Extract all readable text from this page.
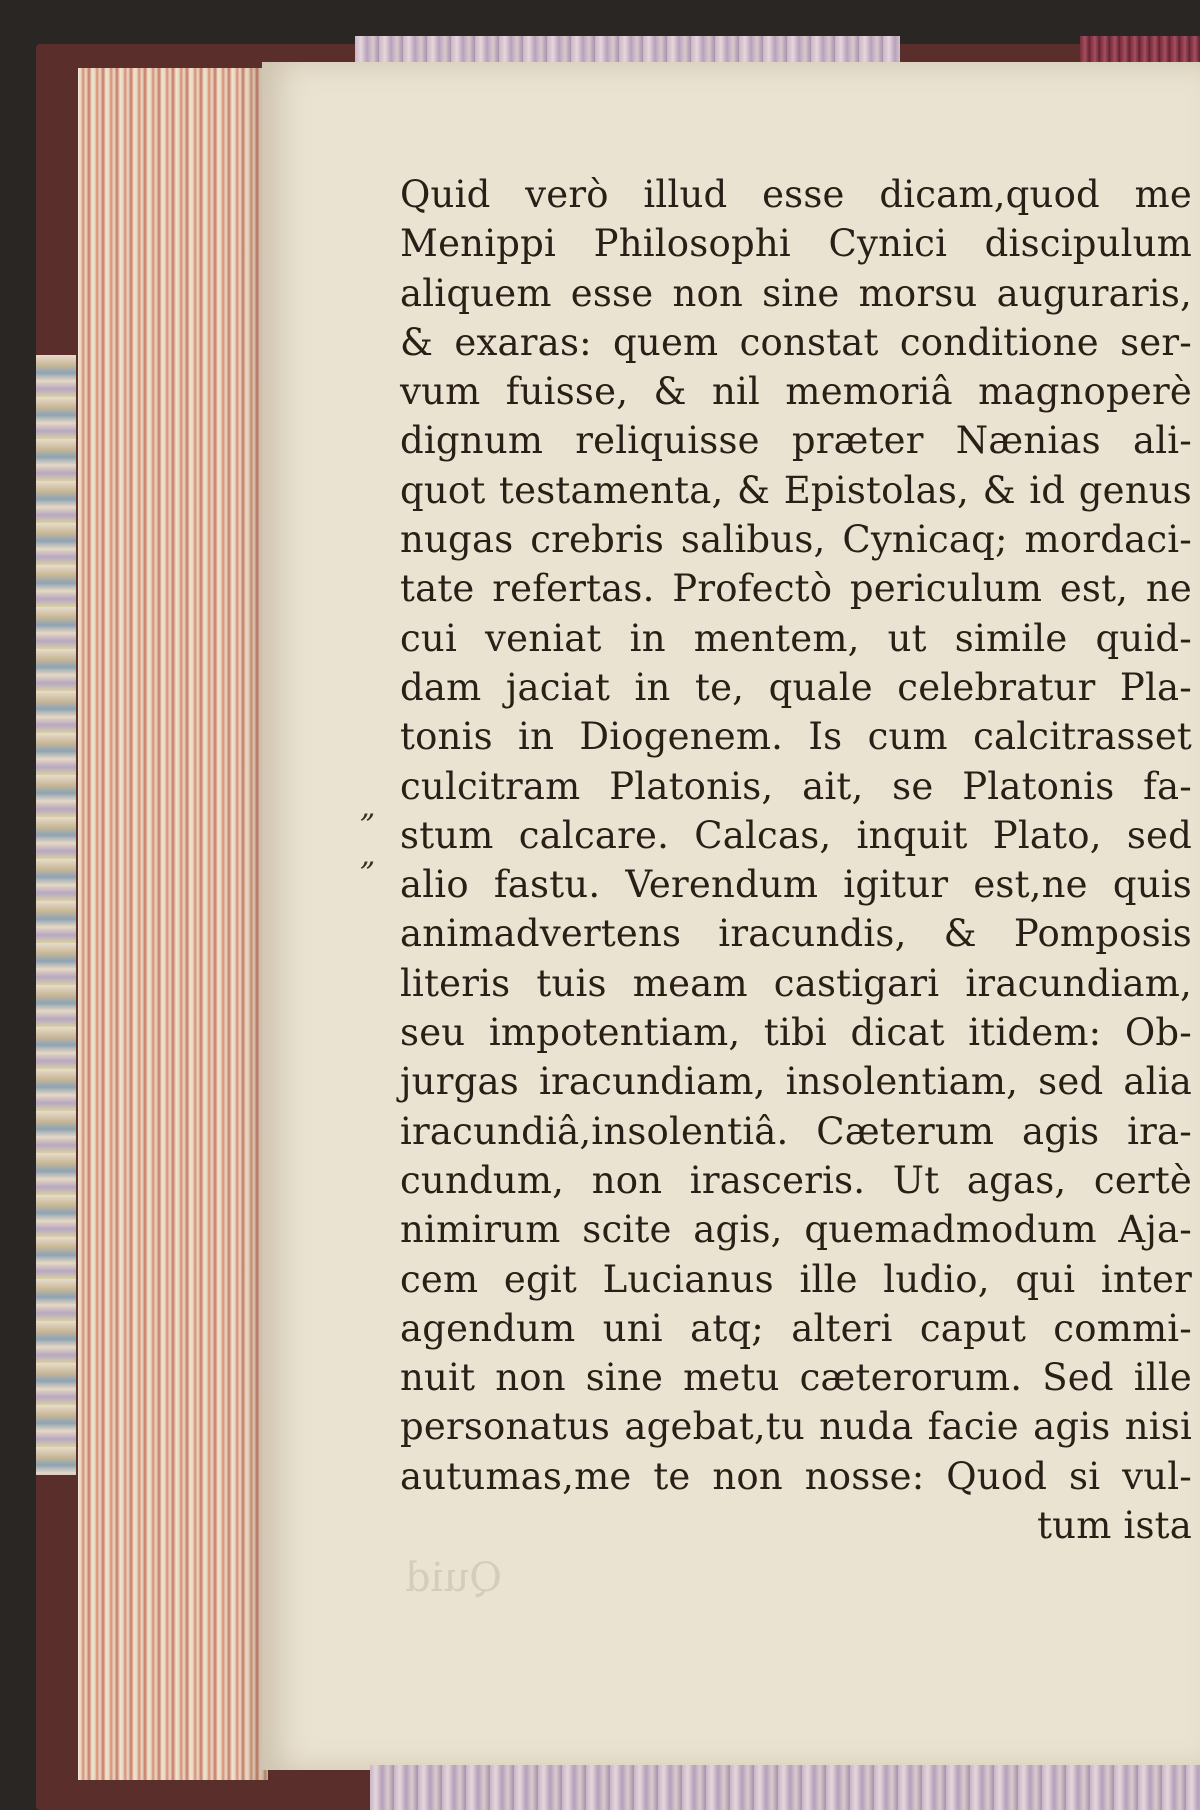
Quid
„
„
Quid verò illud esse dicam,quod me
Menippi Philosophi Cynici discipulum
aliquem esse non sine morsu auguraris,
& exaras: quem constat conditione ser-
vum fuisse, & nil memoriâ magnoperè
dignum reliquisse præter Nænias ali-
quot testamenta, & Epistolas, & id genus
nugas crebris salibus, Cynicaq; mordaci-
tate refertas. Profectò periculum est, ne
cui veniat in mentem, ut simile quid-
dam jaciat in te, quale celebratur Pla-
tonis in Diogenem. Is cum calcitrasset
culcitram Platonis, ait, se Platonis fa-
stum calcare. Calcas, inquit Plato, sed
alio fastu. Verendum igitur est,ne quis
animadvertens iracundis, & Pomposis
literis tuis meam castigari iracundiam,
seu impotentiam, tibi dicat itidem: Ob-
jurgas iracundiam, insolentiam, sed alia
iracundiâ,insolentiâ. Cæterum agis ira-
cundum, non irasceris. Ut agas, certè
nimirum scite agis, quemadmodum Aja-
cem egit Lucianus ille ludio, qui inter
agendum uni atq; alteri caput commi-
nuit non sine metu cæterorum. Sed ille
personatus agebat,tu nuda facie agis nisi
autumas,me te non nosse: Quod si vul-
tum ista
